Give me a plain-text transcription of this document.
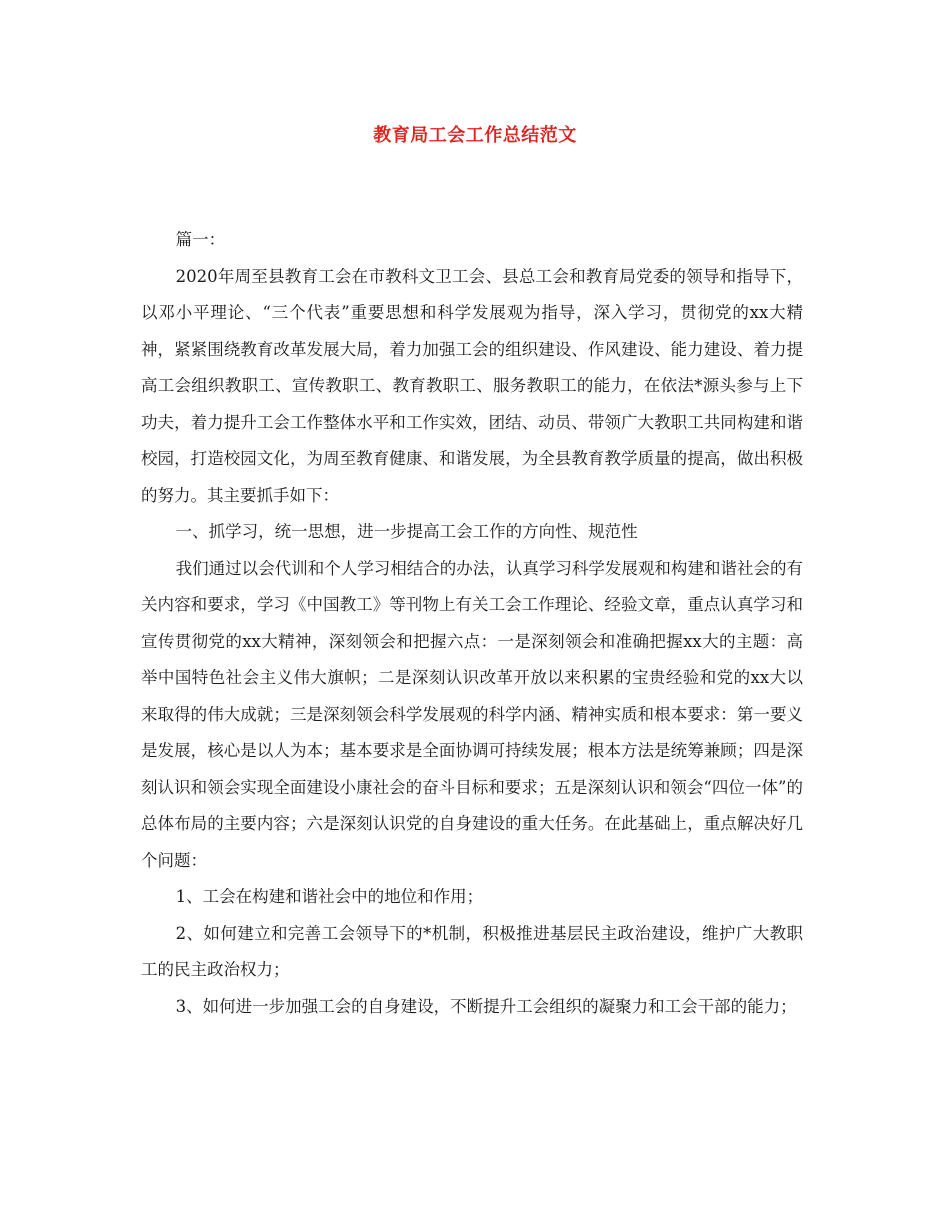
教育局工会工作总结范文

篇一：

2020年周至县教育工会在市教科文卫工会、县总工会和教育局党委的领导和指导下，以邓小平理论、“三个代表”重要思想和科学发展观为指导，深入学习，贯彻党的xx大精神，紧紧围绕教育改革发展大局，着力加强工会的组织建设、作风建设、能力建设、着力提高工会组织教职工、宣传教职工、教育教职工、服务教职工的能力，在依法*源头参与上下功夫，着力提升工会工作整体水平和工作实效，团结、动员、带领广大教职工共同构建和谐校园，打造校园文化，为周至教育健康、和谐发展，为全县教育教学质量的提高，做出积极的努力。其主要抓手如下：

一、抓学习，统一思想，进一步提高工会工作的方向性、规范性

我们通过以会代训和个人学习相结合的办法，认真学习科学发展观和构建和谐社会的有关内容和要求，学习《中国教工》等刊物上有关工会工作理论、经验文章，重点认真学习和宣传贯彻党的xx大精神，深刻领会和把握六点：一是深刻领会和准确把握xx大的主题：高举中国特色社会主义伟大旗帜；二是深刻认识改革开放以来积累的宝贵经验和党的xx大以来取得的伟大成就；三是深刻领会科学发展观的科学内涵、精神实质和根本要求：第一要义是发展，核心是以人为本；基本要求是全面协调可持续发展；根本方法是统筹兼顾；四是深刻认识和领会实现全面建设小康社会的奋斗目标和要求；五是深刻认识和领会“四位一体”的总体布局的主要内容；六是深刻认识党的自身建设的重大任务。在此基础上，重点解决好几个问题：

1、工会在构建和谐社会中的地位和作用；

2、如何建立和完善工会领导下的*机制，积极推进基层民主政治建设，维护广大教职工的民主政治权力；

3、如何进一步加强工会的自身建设，不断提升工会组织的凝聚力和工会干部的能力；
